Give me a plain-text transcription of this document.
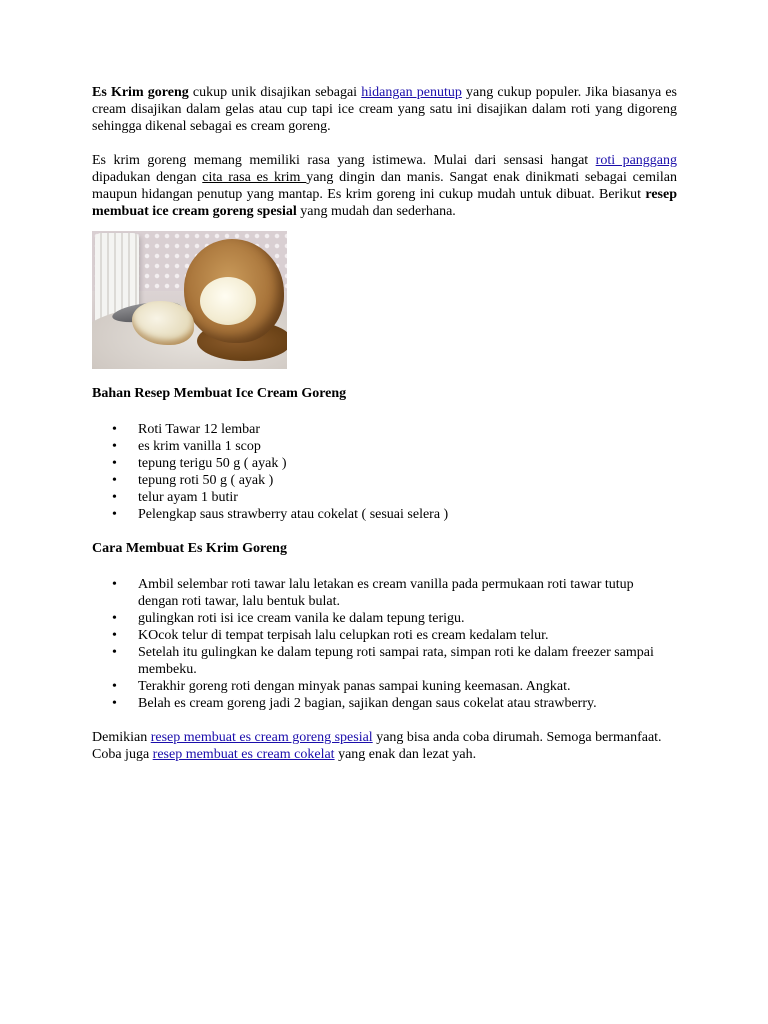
Es Krim goreng cukup unik disajikan sebagai hidangan penutup yang cukup populer. Jika biasanya es cream disajikan dalam gelas atau cup tapi ice cream yang satu ini disajikan dalam roti yang digoreng sehingga dikenal sebagai es cream goreng.

Es krim goreng memang memiliki rasa yang istimewa. Mulai dari sensasi hangat roti panggang dipadukan dengan cita rasa es krim yang dingin dan manis. Sangat enak dinikmati sebagai cemilan maupun hidangan penutup yang mantap. Es krim goreng ini cukup mudah untuk dibuat. Berikut resep membuat ice cream goreng spesial yang mudah dan sederhana.

Bahan Resep Membuat Ice Cream Goreng
• Roti Tawar 12 lembar
• es krim vanilla 1 scop
• tepung terigu 50 g ( ayak )
• tepung roti 50 g ( ayak )
• telur ayam 1 butir
• Pelengkap saus strawberry atau cokelat ( sesuai selera )
Cara Membuat Es Krim Goreng
• Ambil selembar roti tawar lalu letakan es cream vanilla pada permukaan roti tawar tutup dengan roti tawar, lalu bentuk bulat.
• gulingkan roti isi ice cream vanila ke dalam tepung terigu.
• KOcok telur di tempat terpisah lalu celupkan roti es cream kedalam telur.
• Setelah itu gulingkan ke dalam tepung roti sampai rata, simpan roti ke dalam freezer sampai membeku.
• Terakhir goreng roti dengan minyak panas sampai kuning keemasan. Angkat.
• Belah es cream goreng jadi 2 bagian, sajikan dengan saus cokelat atau strawberry.

Demikian resep membuat es cream goreng spesial yang bisa anda coba dirumah. Semoga bermanfaat. Coba juga resep membuat es cream cokelat yang enak dan lezat yah.
